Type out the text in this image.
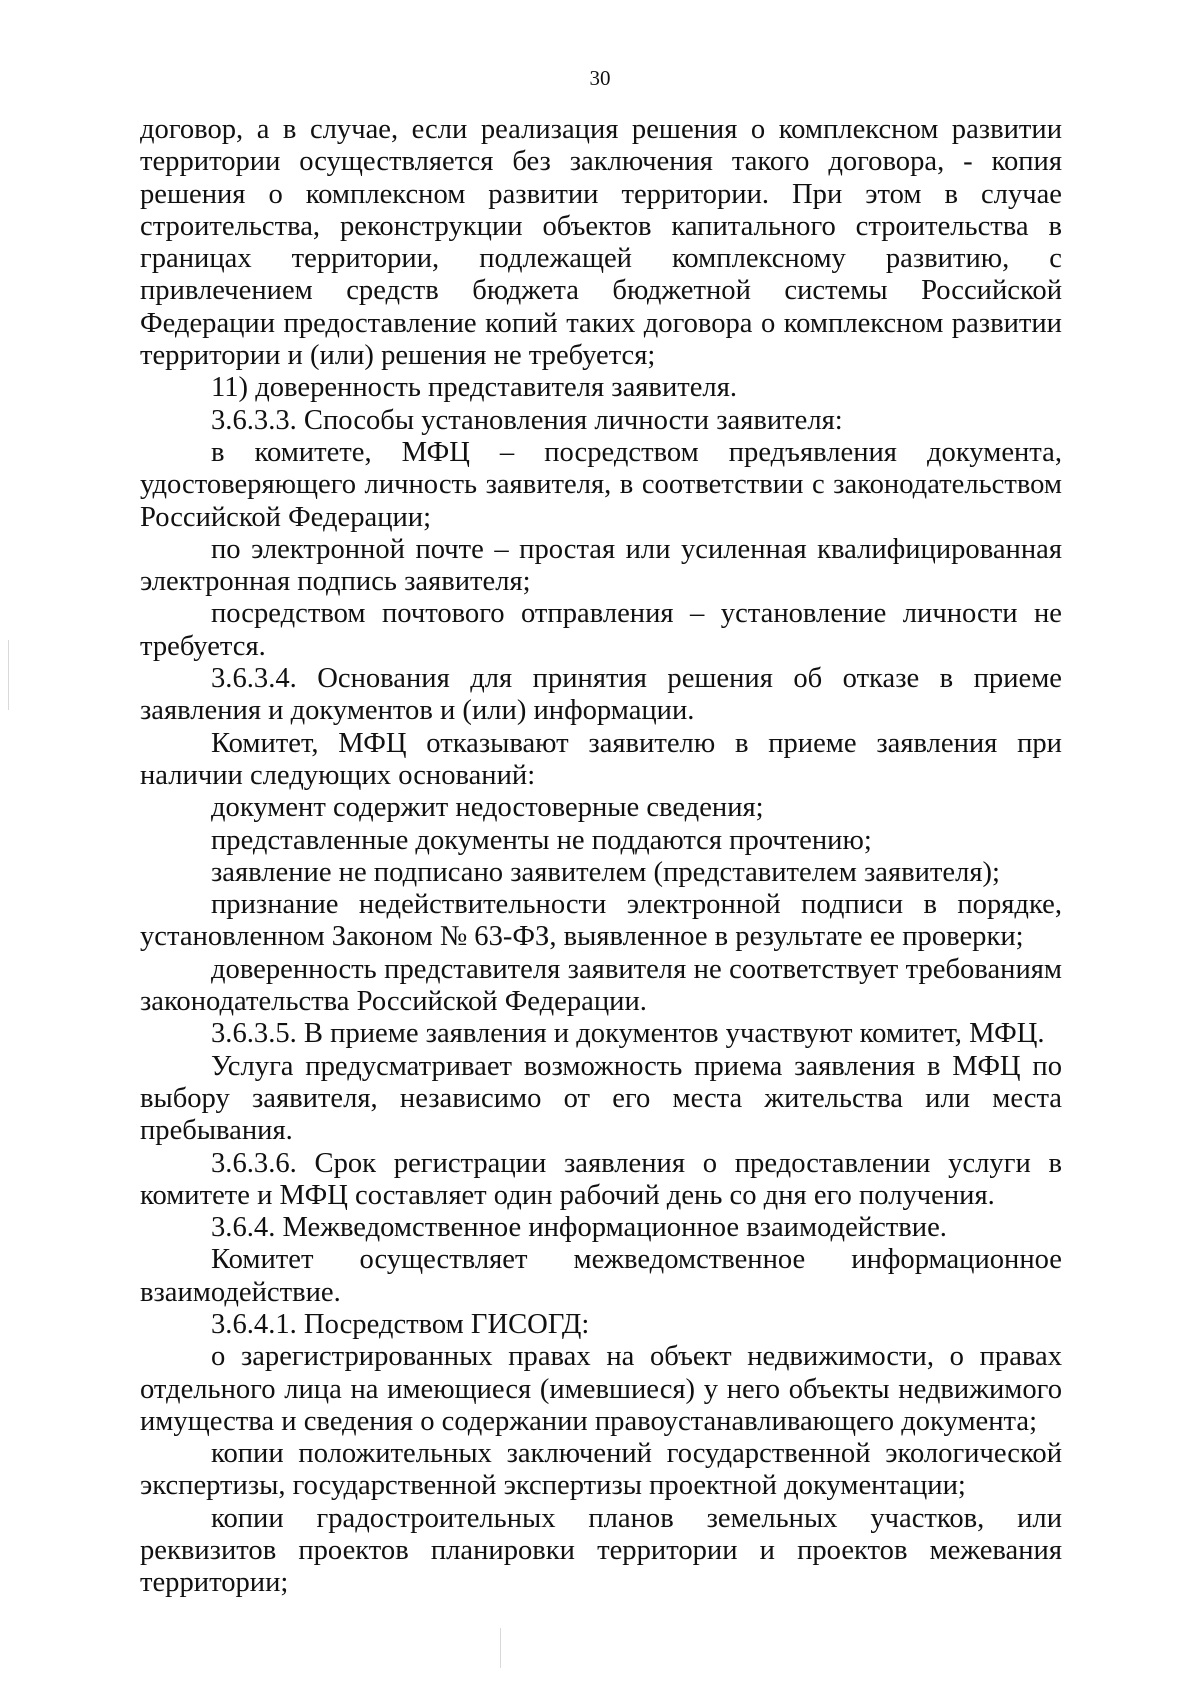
30

договор, а в случае, если реализация решения о комплексном развитии территории осуществляется без заключения такого договора, - копия решения о комплексном развитии территории. При этом в случае строительства, реконструкции объектов капитального строительства в границах территории, подлежащей комплексному развитию, с привлечением средств бюджета бюджетной системы Российской Федерации предоставление копий таких договора о комплексном развитии территории и (или) решения не требуется;

11) доверенность представителя заявителя.

3.6.3.3. Способы установления личности заявителя:

в комитете, МФЦ – посредством предъявления документа, удостоверяющего личность заявителя, в соответствии с законодательством Российской Федерации;

по электронной почте – простая или усиленная квалифицированная электронная подпись заявителя;

посредством почтового отправления – установление личности не требуется.

3.6.3.4. Основания для принятия решения об отказе в приеме заявления и документов и (или) информации.

Комитет, МФЦ отказывают заявителю в приеме заявления при наличии следующих оснований:

документ содержит недостоверные сведения;

представленные документы не поддаются прочтению;

заявление не подписано заявителем (представителем заявителя);

признание недействительности электронной подписи в порядке, установленном Законом № 63-ФЗ, выявленное в результате ее проверки;

доверенность представителя заявителя не соответствует требованиям законодательства Российской Федерации.

3.6.3.5. В приеме заявления и документов участвуют комитет, МФЦ.

Услуга предусматривает возможность приема заявления в МФЦ по выбору заявителя, независимо от его места жительства или места пребывания.

3.6.3.6. Срок регистрации заявления о предоставлении услуги в комитете и МФЦ составляет один рабочий день со дня его получения.

3.6.4. Межведомственное информационное взаимодействие.

Комитет осуществляет межведомственное информационное взаимодействие.

3.6.4.1. Посредством ГИСОГД:

о зарегистрированных правах на объект недвижимости, о правах отдельного лица на имеющиеся (имевшиеся) у него объекты недвижимого имущества и сведения о содержании правоустанавливающего документа;

копии положительных заключений государственной экологической экспертизы, государственной экспертизы проектной документации;

копии градостроительных планов земельных участков, или реквизитов проектов планировки территории и проектов межевания территории;
